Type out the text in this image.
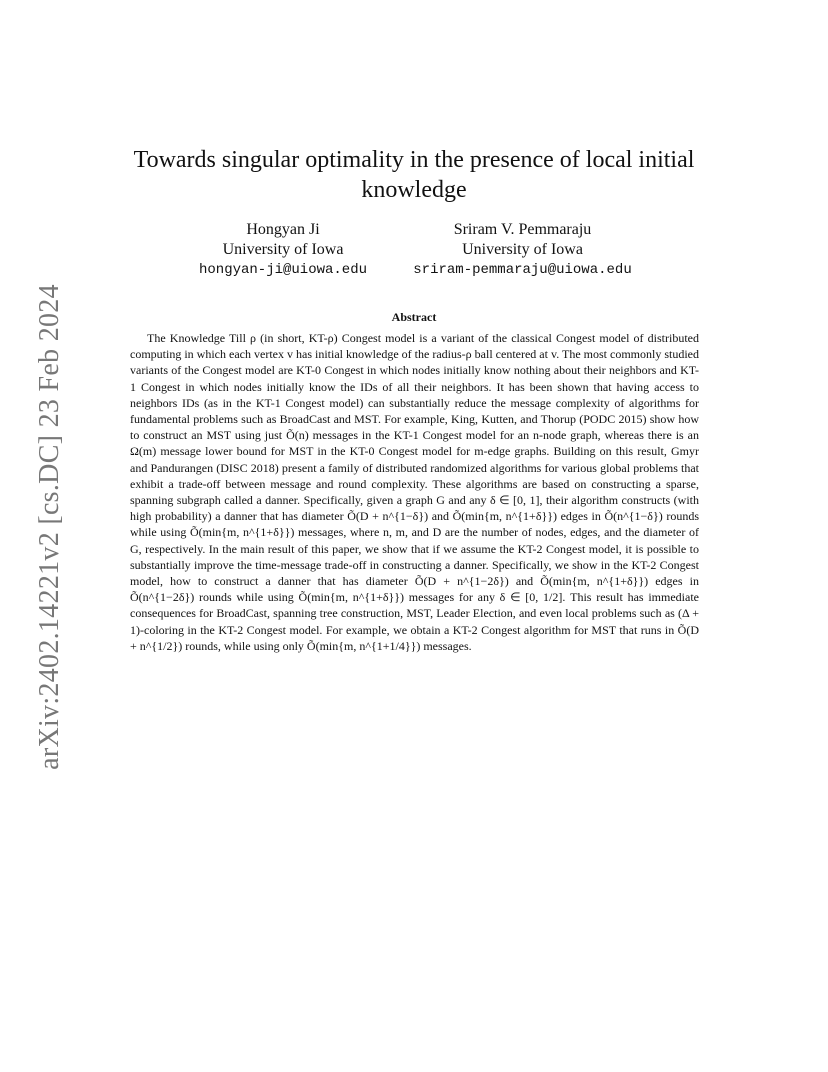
arXiv:2402.14221v2 [cs.DC] 23 Feb 2024
Towards singular optimality in the presence of local initial knowledge
Hongyan Ji
University of Iowa
hongyan-ji@uiowa.edu
Sriram V. Pemmaraju
University of Iowa
sriram-pemmaraju@uiowa.edu
Abstract

The Knowledge Till ρ (in short, KT-ρ) Congest model is a variant of the classical Congest model of distributed computing in which each vertex v has initial knowledge of the radius-ρ ball centered at v. The most commonly studied variants of the Congest model are KT-0 Congest in which nodes initially know nothing about their neighbors and KT-1 Congest in which nodes initially know the IDs of all their neighbors. It has been shown that having access to neighbors IDs (as in the KT-1 Congest model) can substantially reduce the message complexity of algorithms for fundamental problems such as BroadCast and MST. For example, King, Kutten, and Thorup (PODC 2015) show how to construct an MST using just Õ(n) messages in the KT-1 Congest model for an n-node graph, whereas there is an Ω(m) message lower bound for MST in the KT-0 Congest model for m-edge graphs. Building on this result, Gmyr and Pandurangen (DISC 2018) present a family of distributed randomized algorithms for various global problems that exhibit a trade-off between message and round complexity. These algorithms are based on constructing a sparse, spanning subgraph called a danner. Specifically, given a graph G and any δ ∈ [0, 1], their algorithm constructs (with high probability) a danner that has diameter Õ(D + n^{1−δ}) and Õ(min{m, n^{1+δ}}) edges in Õ(n^{1−δ}) rounds while using Õ(min{m, n^{1+δ}}) messages, where n, m, and D are the number of nodes, edges, and the diameter of G, respectively. In the main result of this paper, we show that if we assume the KT-2 Congest model, it is possible to substantially improve the time-message trade-off in constructing a danner. Specifically, we show in the KT-2 Congest model, how to construct a danner that has diameter Õ(D + n^{1−2δ}) and Õ(min{m, n^{1+δ}}) edges in Õ(n^{1−2δ}) rounds while using Õ(min{m, n^{1+δ}}) messages for any δ ∈ [0, 1/2]. This result has immediate consequences for BroadCast, spanning tree construction, MST, Leader Election, and even local problems such as (Δ + 1)-coloring in the KT-2 Congest model. For example, we obtain a KT-2 Congest algorithm for MST that runs in Õ(D + n^{1/2}) rounds, while using only Õ(min{m, n^{1+1/4}}) messages.
